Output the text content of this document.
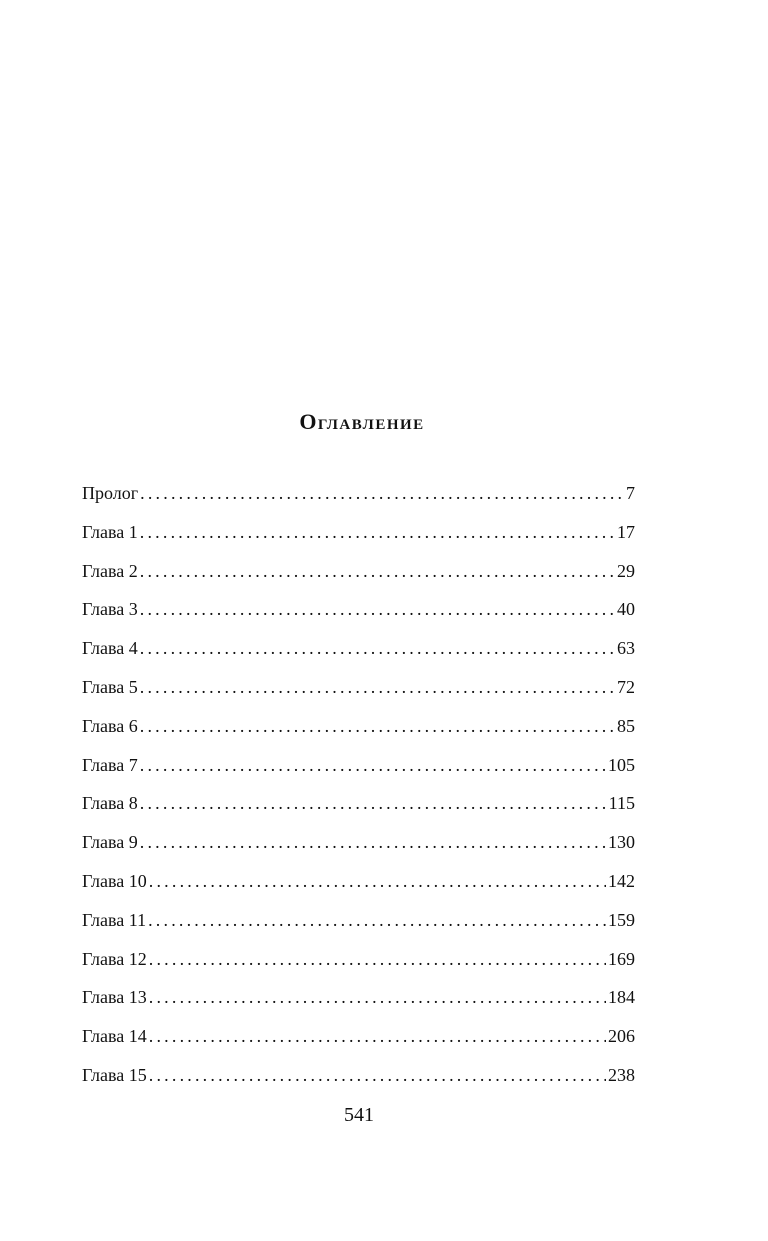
Оглавление
Пролог .....	7
Глава 1 .....	17
Глава 2 .....	29
Глава 3 .....	40
Глава 4 .....	63
Глава 5 .....	72
Глава 6 .....	85
Глава 7 .....	105
Глава 8 .....	115
Глава 9 .....	130
Глава 10 .....	142
Глава 11 .....	159
Глава 12 .....	169
Глава 13 .....	184
Глава 14 .....	206
Глава 15 .....	238
541
